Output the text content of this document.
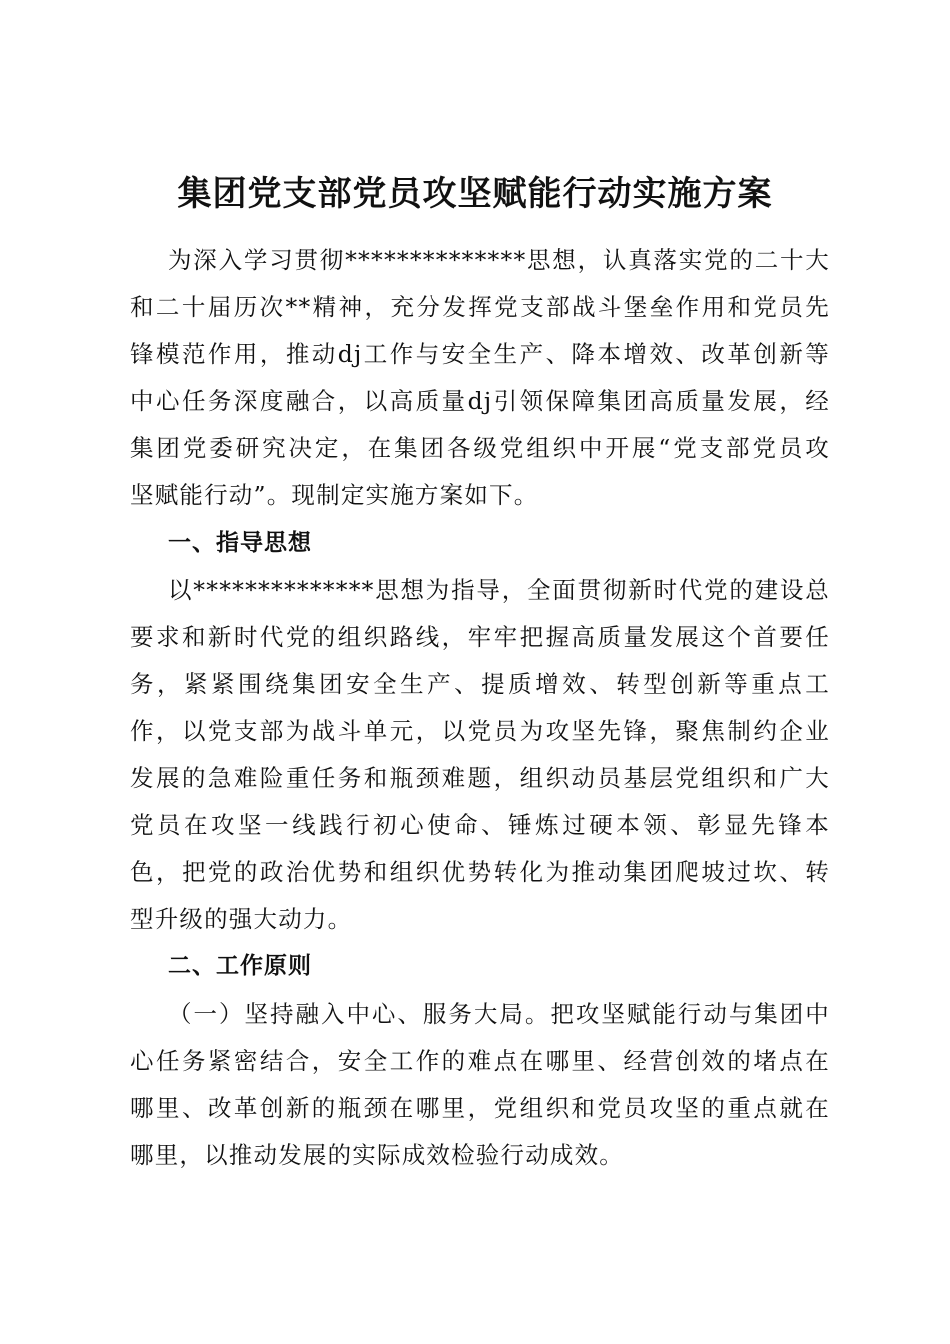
集团党支部党员攻坚赋能行动实施方案
为深入学习贯彻**************思想，认真落实党的二十大
和二十届历次**精神，充分发挥党支部战斗堡垒作用和党员先
锋模范作用，推动dj工作与安全生产、降本增效、改革创新等
中心任务深度融合，以高质量dj引领保障集团高质量发展，经
集团党委研究决定，在集团各级党组织中开展“党支部党员攻
坚赋能行动”。现制定实施方案如下。
一、指导思想
以**************思想为指导，全面贯彻新时代党的建设总
要求和新时代党的组织路线，牢牢把握高质量发展这个首要任
务，紧紧围绕集团安全生产、提质增效、转型创新等重点工
作，以党支部为战斗单元，以党员为攻坚先锋，聚焦制约企业
发展的急难险重任务和瓶颈难题，组织动员基层党组织和广大
党员在攻坚一线践行初心使命、锤炼过硬本领、彰显先锋本
色，把党的政治优势和组织优势转化为推动集团爬坡过坎、转
型升级的强大动力。
二、工作原则
（一）坚持融入中心、服务大局。把攻坚赋能行动与集团中
心任务紧密结合，安全工作的难点在哪里、经营创效的堵点在
哪里、改革创新的瓶颈在哪里，党组织和党员攻坚的重点就在
哪里，以推动发展的实际成效检验行动成效。
